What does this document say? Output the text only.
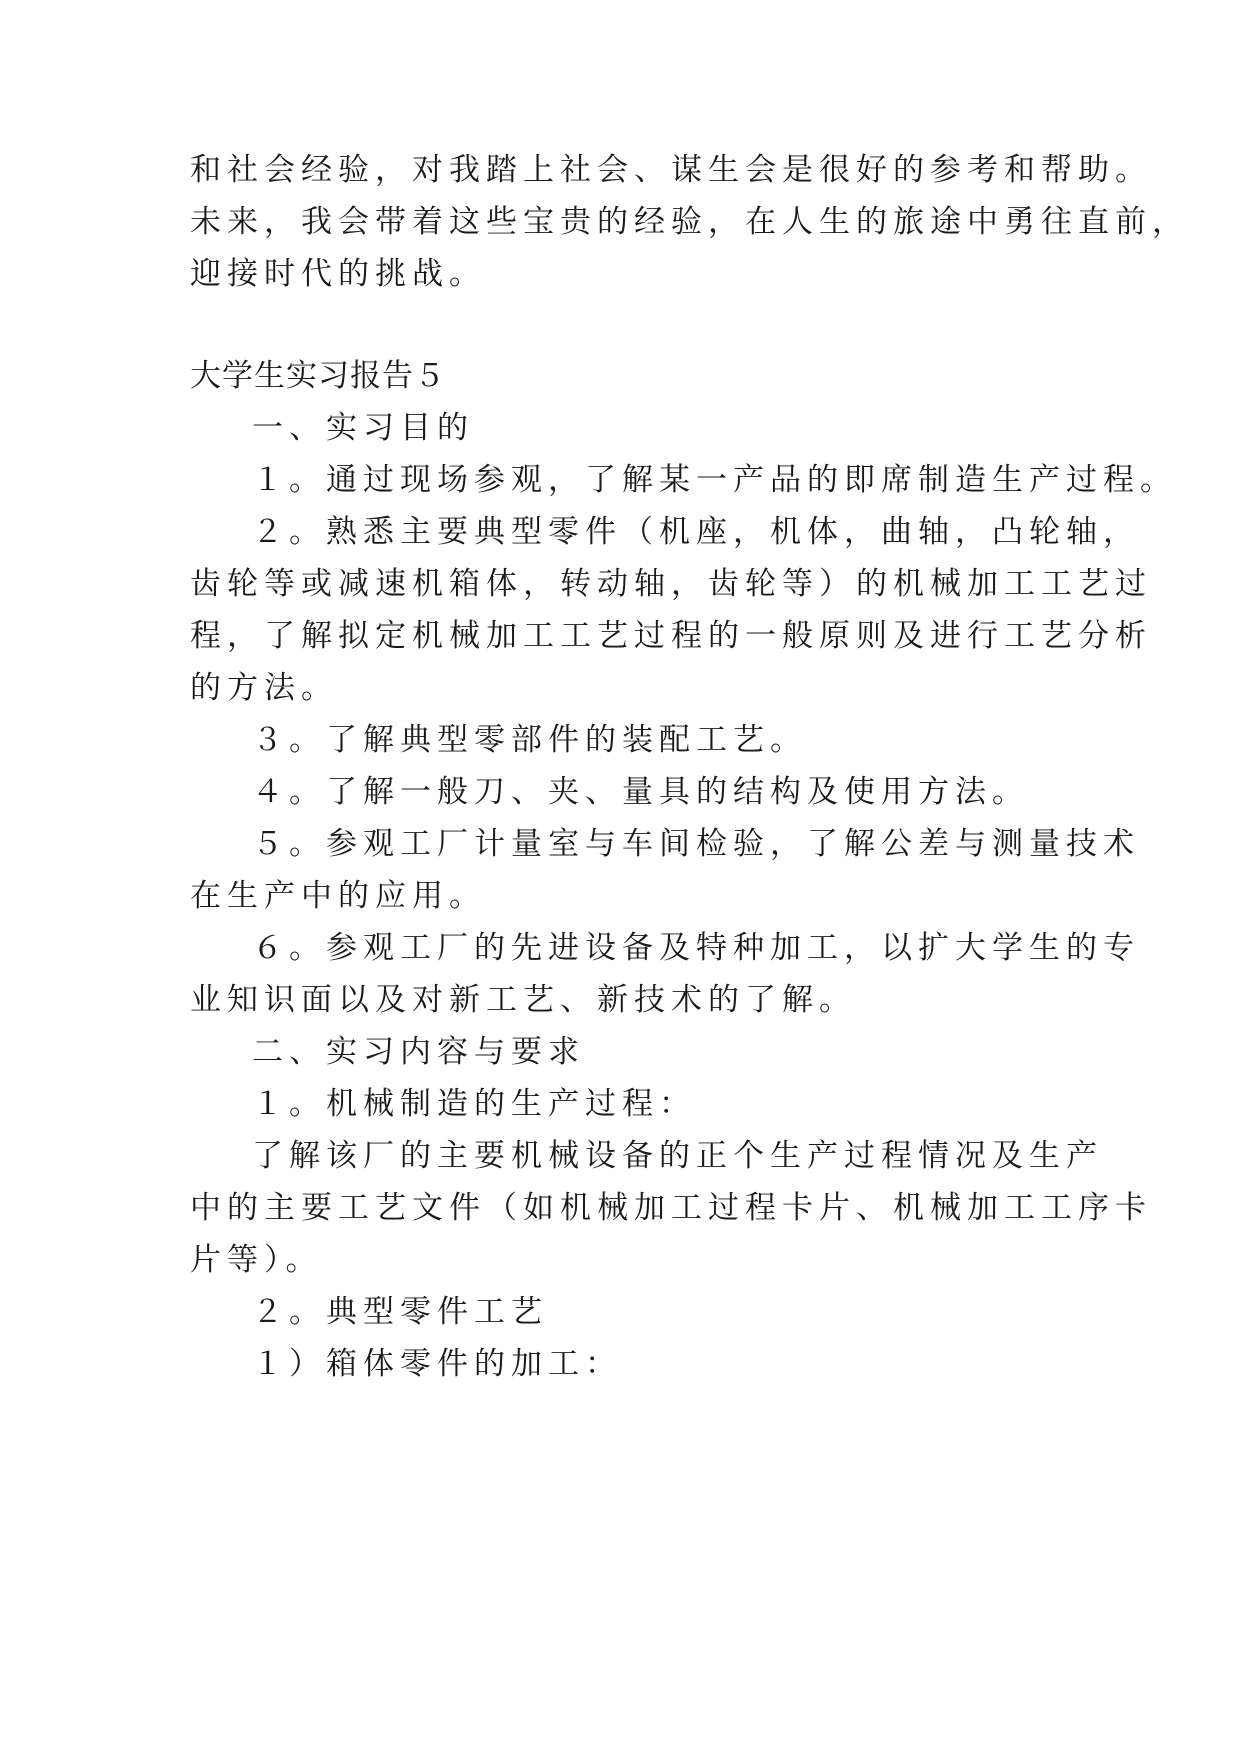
和社会经验，对我踏上社会、谋生会是很好的参考和帮助。
未来，我会带着这些宝贵的经验，在人生的旅途中勇往直前，
迎接时代的挑战。
大学生实习报告５
一、实习目的
１。通过现场参观，了解某一产品的即席制造生产过程。
２。熟悉主要典型零件（机座，机体，曲轴，凸轮轴，
齿轮等或减速机箱体，转动轴，齿轮等）的机械加工工艺过
程，了解拟定机械加工工艺过程的一般原则及进行工艺分析
的方法。
３。了解典型零部件的装配工艺。
４。了解一般刀、夹、量具的结构及使用方法。
５。参观工厂计量室与车间检验，了解公差与测量技术
在生产中的应用。
６。参观工厂的先进设备及特种加工，以扩大学生的专
业知识面以及对新工艺、新技术的了解。
二、实习内容与要求
１。机械制造的生产过程：
了解该厂的主要机械设备的正个生产过程情况及生产
中的主要工艺文件（如机械加工过程卡片、机械加工工序卡
片等）。
２。典型零件工艺
１）箱体零件的加工：
